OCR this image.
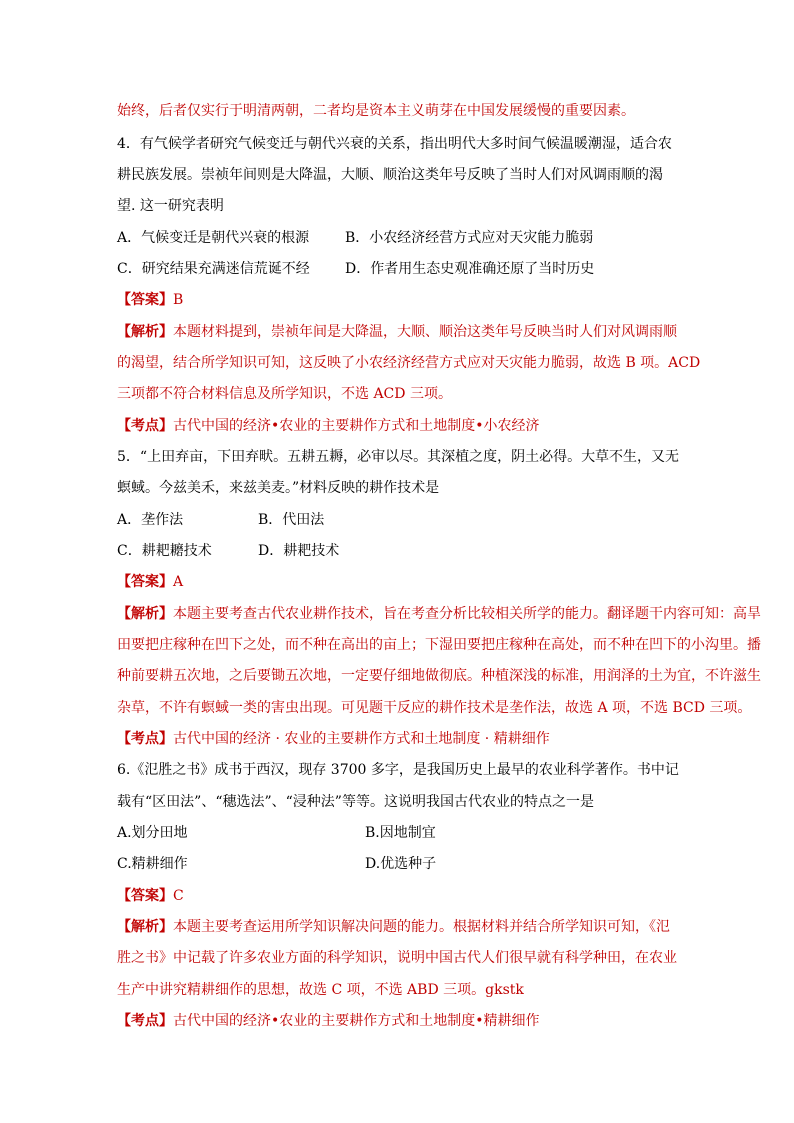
始终，后者仅实行于明清两朝，二者均是资本主义萌芽在中国发展缓慢的重要因素。
4．有气候学者研究气候变迁与朝代兴衰的关系，指出明代大多时间气候温暖潮湿，适合农
耕民族发展。崇祯年间则是大降温，大顺、顺治这类年号反映了当时人们对风调雨顺的渴
望. 这一研究表明
A．气候变迁是朝代兴衰的根源	B．小农经济经营方式应对天灾能力脆弱
C．研究结果充满迷信荒诞不经	D．作者用生态史观准确还原了当时历史
【答案】B
【解析】本题材料提到，崇祯年间是大降温，大顺、顺治这类年号反映当时人们对风调雨顺
的渴望，结合所学知识可知，这反映了小农经济经营方式应对天灾能力脆弱，故选 B 项。ACD
三项都不符合材料信息及所学知识，不选 ACD 三项。
【考点】古代中国的经济•农业的主要耕作方式和土地制度•小农经济
5．“上田弃亩，下田弃畎。五耕五耨，必审以尽。其深植之度，阴土必得。大草不生，又无
螟蜮。今兹美禾，来兹美麦。”材料反映的耕作技术是
A．垄作法	B．代田法
C．耕耙耱技术	D．耕耙技术
【答案】A
【解析】本题主要考查古代农业耕作技术，旨在考查分析比较相关所学的能力。翻译题干内容可知：高旱
田要把庄稼种在凹下之处，而不种在高出的亩上；下湿田要把庄稼种在高处，而不种在凹下的小沟里。播
种前要耕五次地，之后要锄五次地，一定要仔细地做彻底。种植深浅的标准，用润泽的土为宜，不许滋生
杂草，不许有螟蜮一类的害虫出现。可见题干反应的耕作技术是垄作法，故选 A 项，不选 BCD 三项。
【考点】古代中国的经济 · 农业的主要耕作方式和土地制度 · 精耕细作
6.《氾胜之书》成书于西汉，现存 3700 多字，是我国历史上最早的农业科学著作。书中记
载有“区田法”、“穗选法”、“浸种法”等等。这说明我国古代农业的特点之一是
A.划分田地	B.因地制宜
C.精耕细作	D.优选种子
【答案】C
【解析】本题主要考查运用所学知识解决问题的能力。根据材料并结合所学知识可知，《氾
胜之书》中记载了许多农业方面的科学知识，说明中国古代人们很早就有科学种田，在农业
生产中讲究精耕细作的思想，故选 C 项，不选 ABD 三项。gkstk
【考点】古代中国的经济•农业的主要耕作方式和土地制度•精耕细作
